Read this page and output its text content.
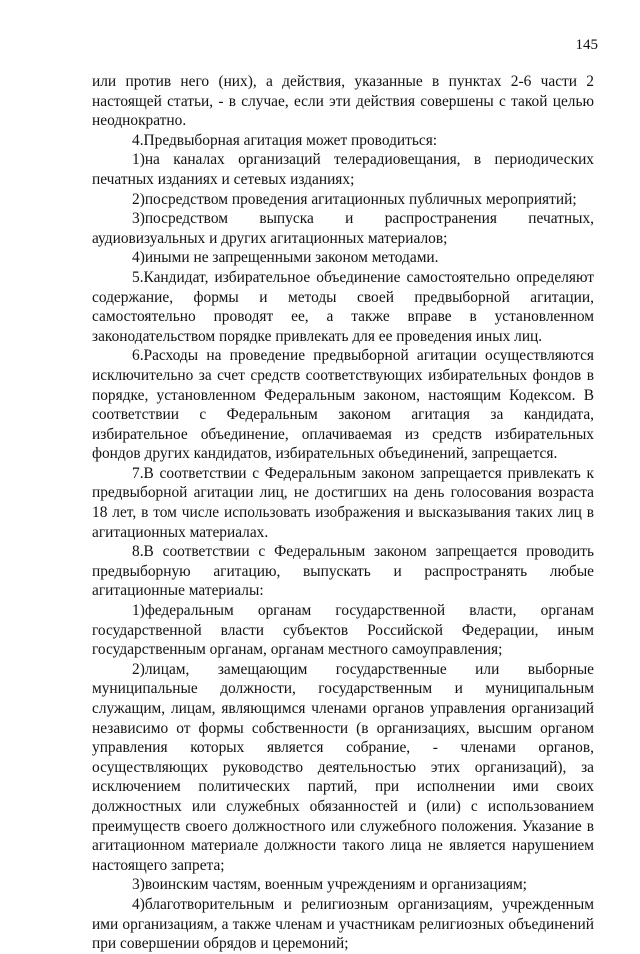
145

или против него (них), а действия, указанные в пунктах 2-6 части 2 настоящей статьи, - в случае, если эти действия совершены с такой целью неоднократно.

4.Предвыборная агитация может проводиться:

1)на каналах организаций телерадиовещания, в периодических печатных изданиях и сетевых изданиях;

2)посредством проведения агитационных публичных мероприятий;

3)посредством выпуска и распространения печатных, аудиовизуальных и других агитационных материалов;

4)иными не запрещенными законом методами.

5.Кандидат, избирательное объединение самостоятельно определяют содержание, формы и методы своей предвыборной агитации, самостоятельно проводят ее, а также вправе в установленном законодательством порядке привлекать для ее проведения иных лиц.

6.Расходы на проведение предвыборной агитации осуществляются исключительно за счет средств соответствующих избирательных фондов в порядке, установленном Федеральным законом, настоящим Кодексом. В соответствии с Федеральным законом агитация за кандидата, избирательное объединение, оплачиваемая из средств избирательных фондов других кандидатов, избирательных объединений, запрещается.

7.В соответствии с Федеральным законом запрещается привлекать к предвыборной агитации лиц, не достигших на день голосования возраста 18 лет, в том числе использовать изображения и высказывания таких лиц в агитационных материалах.

8.В соответствии с Федеральным законом запрещается проводить предвыборную агитацию, выпускать и распространять любые агитационные материалы:

1)федеральным органам государственной власти, органам государственной власти субъектов Российской Федерации, иным государственным органам, органам местного самоуправления;

2)лицам, замещающим государственные или выборные муниципальные должности, государственным и муниципальным служащим, лицам, являющимся членами органов управления организаций независимо от формы собственности (в организациях, высшим органом управления которых является собрание, - членами органов, осуществляющих руководство деятельностью этих организаций), за исключением политических партий, при исполнении ими своих должностных или служебных обязанностей и (или) с использованием преимуществ своего должностного или служебного положения. Указание в агитационном материале должности такого лица не является нарушением настоящего запрета;

3)воинским частям, военным учреждениям и организациям;

4)благотворительным и религиозным организациям, учрежденным ими организациям, а также членам и участникам религиозных объединений при совершении обрядов и церемоний;
